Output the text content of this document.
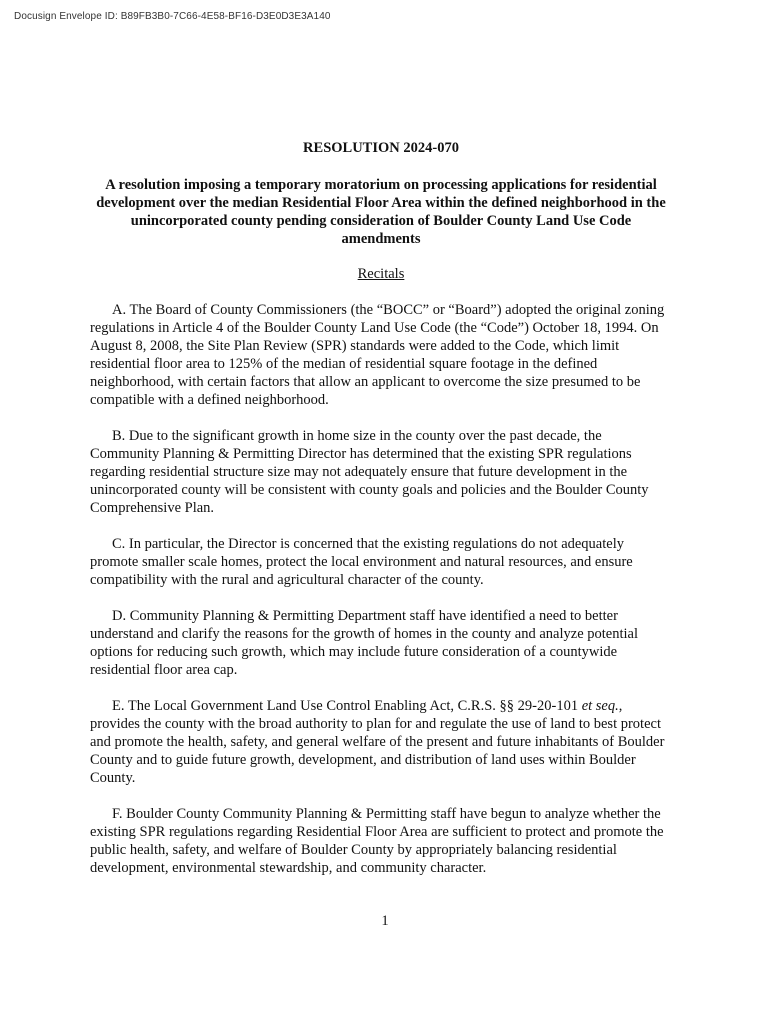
Docusign Envelope ID: B89FB3B0-7C66-4E58-BF16-D3E0D3E3A140
RESOLUTION 2024-070
A resolution imposing a temporary moratorium on processing applications for residential development over the median Residential Floor Area within the defined neighborhood in the unincorporated county pending consideration of Boulder County Land Use Code amendments
Recitals

A. The Board of County Commissioners (the “BOCC” or “Board”) adopted the original zoning regulations in Article 4 of the Boulder County Land Use Code (the “Code”) October 18, 1994. On August 8, 2008, the Site Plan Review (SPR) standards were added to the Code, which limit residential floor area to 125% of the median of residential square footage in the defined neighborhood, with certain factors that allow an applicant to overcome the size presumed to be compatible with a defined neighborhood.

B. Due to the significant growth in home size in the county over the past decade, the Community Planning & Permitting Director has determined that the existing SPR regulations regarding residential structure size may not adequately ensure that future development in the unincorporated county will be consistent with county goals and policies and the Boulder County Comprehensive Plan.

C. In particular, the Director is concerned that the existing regulations do not adequately promote smaller scale homes, protect the local environment and natural resources, and ensure compatibility with the rural and agricultural character of the county.

D. Community Planning & Permitting Department staff have identified a need to better understand and clarify the reasons for the growth of homes in the county and analyze potential options for reducing such growth, which may include future consideration of a countywide residential floor area cap.

E. The Local Government Land Use Control Enabling Act, C.R.S. §§ 29-20-101 et seq., provides the county with the broad authority to plan for and regulate the use of land to best protect and promote the health, safety, and general welfare of the present and future inhabitants of Boulder County and to guide future growth, development, and distribution of land uses within Boulder County.

F. Boulder County Community Planning & Permitting staff have begun to analyze whether the existing SPR regulations regarding Residential Floor Area are sufficient to protect and promote the public health, safety, and welfare of Boulder County by appropriately balancing residential development, environmental stewardship, and community character.

1
